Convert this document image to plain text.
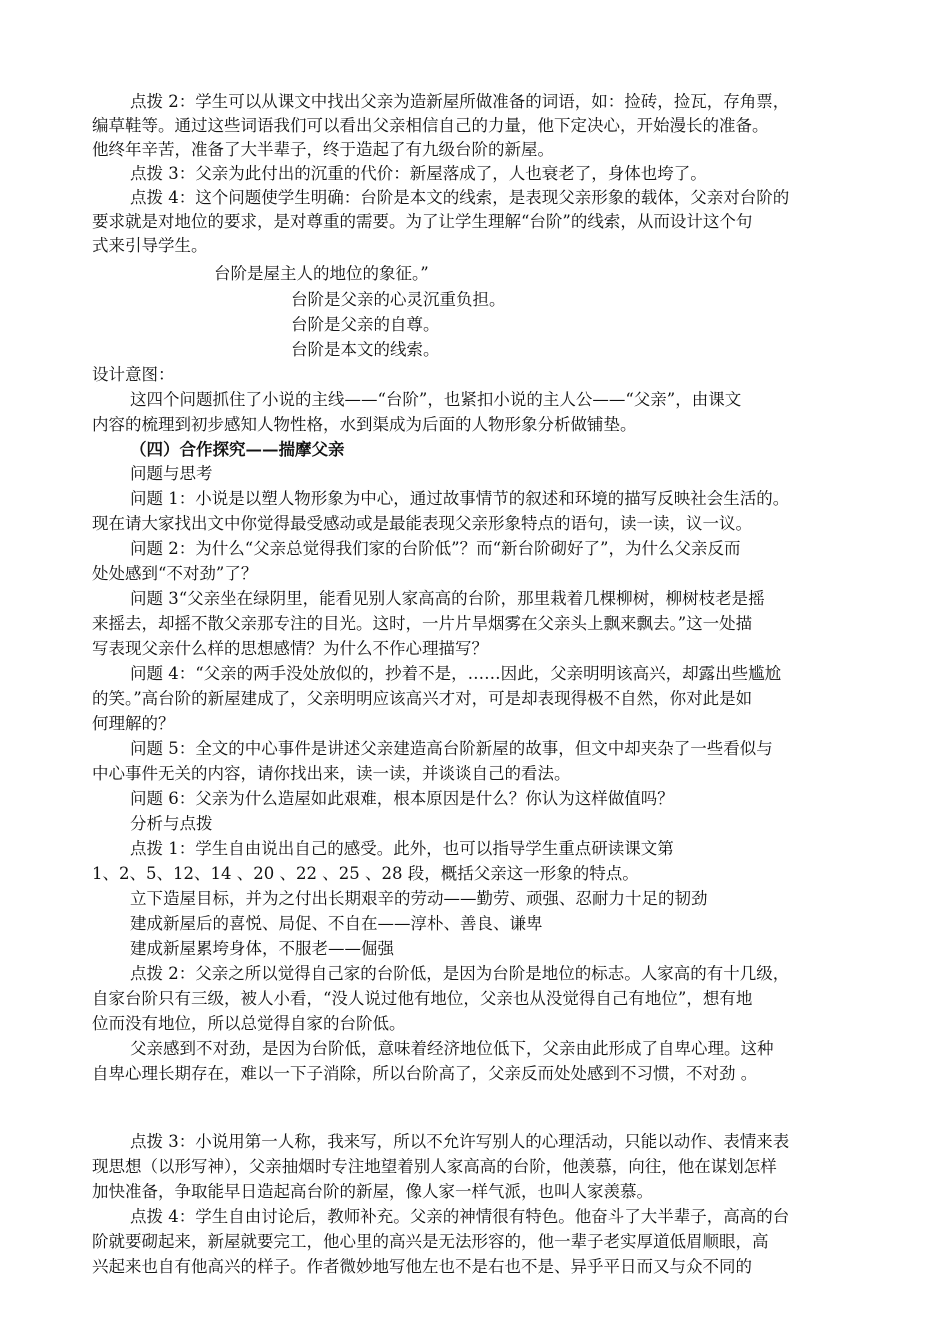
点拨 2：学生可以从课文中找出父亲为造新屋所做准备的词语，如：捡砖，捡瓦，存角票，
编草鞋等。通过这些词语我们可以看出父亲相信自己的力量，他下定决心，开始漫长的准备。
他终年辛苦，准备了大半辈子，终于造起了有九级台阶的新屋。
点拨 3：父亲为此付出的沉重的代价：新屋落成了，人也衰老了，身体也垮了。
点拨 4：这个问题使学生明确：台阶是本文的线索，是表现父亲形象的载体，父亲对台阶的
要求就是对地位的要求，是对尊重的需要。为了让学生理解“台阶”的线索，从而设计这个句
式来引导学生。
台阶是屋主人的地位的象征。”
台阶是父亲的心灵沉重负担。
台阶是父亲的自尊。
台阶是本文的线索。
设计意图：
这四个问题抓住了小说的主线——“台阶”，也紧扣小说的主人公——“父亲”，由课文
内容的梳理到初步感知人物性格，水到渠成为后面的人物形象分析做铺垫。
（四）合作探究——揣摩父亲
问题与思考
问题 1：小说是以塑人物形象为中心，通过故事情节的叙述和环境的描写反映社会生活的。
现在请大家找出文中你觉得最受感动或是最能表现父亲形象特点的语句，读一读，议一议。
问题 2：为什么“父亲总觉得我们家的台阶低”？而“新台阶砌好了”，为什么父亲反而
处处感到“不对劲”了？
问题 3“父亲坐在绿阴里，能看见别人家高高的台阶，那里栽着几棵柳树，柳树枝老是摇
来摇去，却摇不散父亲那专注的目光。这时，一片片旱烟雾在父亲头上飘来飘去。”这一处描
写表现父亲什么样的思想感情？为什么不作心理描写？
问题 4：“父亲的两手没处放似的，抄着不是，……因此，父亲明明该高兴，却露出些尴尬
的笑。”高台阶的新屋建成了，父亲明明应该高兴才对，可是却表现得极不自然，你对此是如
何理解的？
问题 5：全文的中心事件是讲述父亲建造高台阶新屋的故事，但文中却夹杂了一些看似与
中心事件无关的内容，请你找出来，读一读，并谈谈自己的看法。
问题 6：父亲为什么造屋如此艰难，根本原因是什么？你认为这样做值吗？
分析与点拨
点拨 1：学生自由说出自己的感受。此外，也可以指导学生重点研读课文第
1、2、5、12、14 、20 、22 、25 、28 段，概括父亲这一形象的特点。
立下造屋目标，并为之付出长期艰辛的劳动——勤劳、顽强、忍耐力十足的韧劲
建成新屋后的喜悦、局促、不自在——淳朴、善良、谦卑
建成新屋累垮身体，不服老——倔强
点拨 2：父亲之所以觉得自己家的台阶低，是因为台阶是地位的标志。人家高的有十几级，
自家台阶只有三级，被人小看，“没人说过他有地位，父亲也从没觉得自己有地位”，想有地
位而没有地位，所以总觉得自家的台阶低。
父亲感到不对劲，是因为台阶低，意味着经济地位低下，父亲由此形成了自卑心理。这种
自卑心理长期存在，难以一下子消除，所以台阶高了，父亲反而处处感到不习惯，不对劲 。
点拨 3：小说用第一人称，我来写，所以不允许写别人的心理活动，只能以动作、表情来表
现思想（以形写神），父亲抽烟时专注地望着别人家高高的台阶，他羡慕，向往，他在谋划怎样
加快准备，争取能早日造起高台阶的新屋，像人家一样气派，也叫人家羡慕。
点拨 4：学生自由讨论后，教师补充。父亲的神情很有特色。他奋斗了大半辈子，高高的台
阶就要砌起来，新屋就要完工，他心里的高兴是无法形容的，他一辈子老实厚道低眉顺眼，高
兴起来也自有他高兴的样子。作者微妙地写他左也不是右也不是、异乎平日而又与众不同的
